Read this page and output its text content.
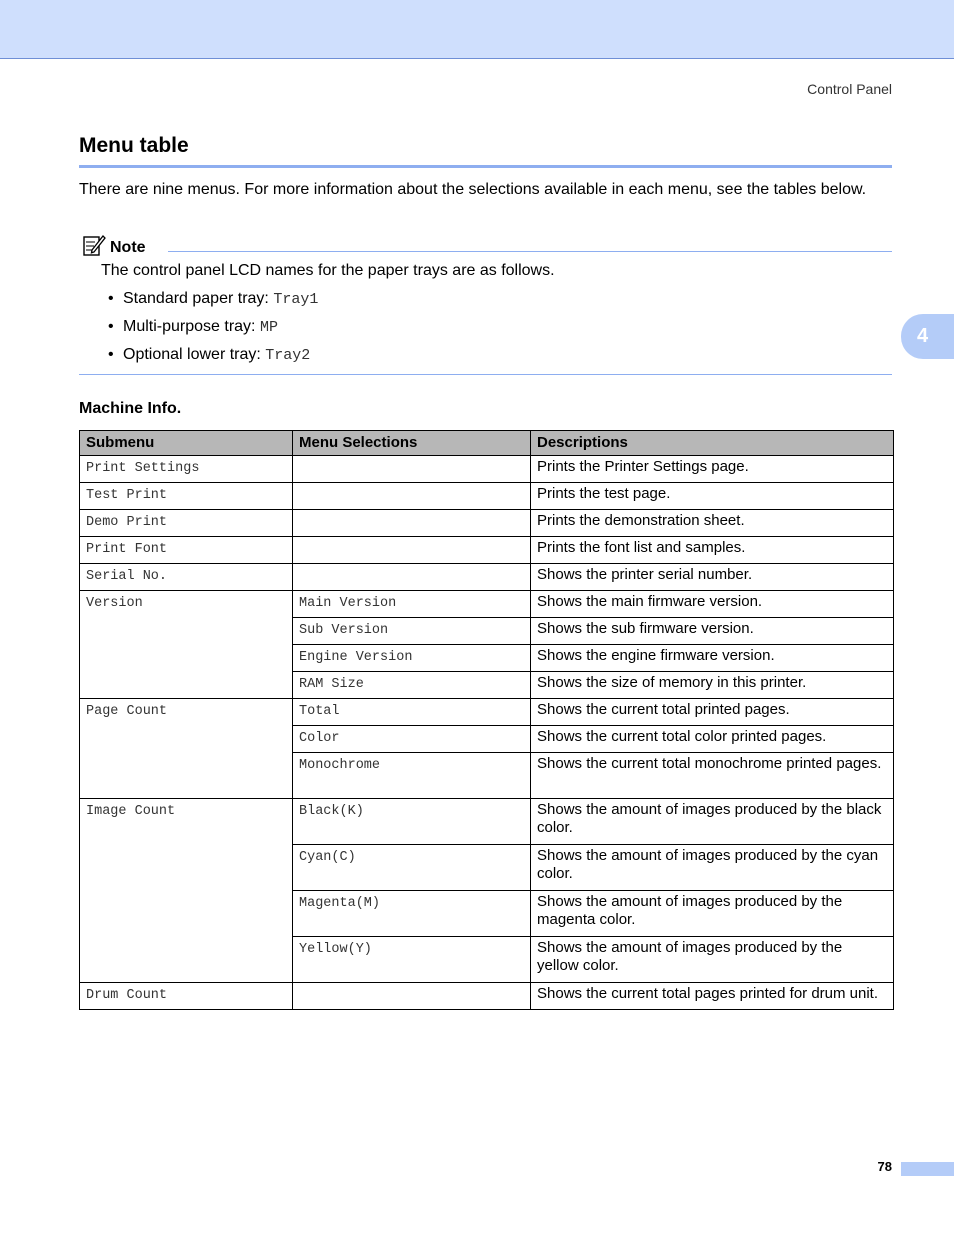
Control Panel
4
Menu table

There are nine menus. For more information about the selections available in each menu, see the tables below.

Note

The control panel LCD names for the paper trays are as follows.

• Standard paper tray: Tray1
• Multi-purpose tray: MP
• Optional lower tray: Tray2
Machine Info.
Submenu	Menu Selections	Descriptions
Print Settings		Prints the Printer Settings page.
Test Print		Prints the test page.
Demo Print		Prints the demonstration sheet.
Print Font		Prints the font list and samples.
Serial No.		Shows the printer serial number.
Version	Main Version	Shows the main firmware version.
	Sub Version	Shows the sub firmware version.
	Engine Version	Shows the engine firmware version.
	RAM Size	Shows the size of memory in this printer.
Page Count	Total	Shows the current total printed pages.
	Color	Shows the current total color printed pages.
	Monochrome	Shows the current total monochrome printed pages.
Image Count	Black(K)	Shows the amount of images produced by the black color.
	Cyan(C)	Shows the amount of images produced by the cyan color.
	Magenta(M)	Shows the amount of images produced by the magenta color.
	Yellow(Y)	Shows the amount of images produced by the yellow color.
Drum Count		Shows the current total pages printed for drum unit.
78
